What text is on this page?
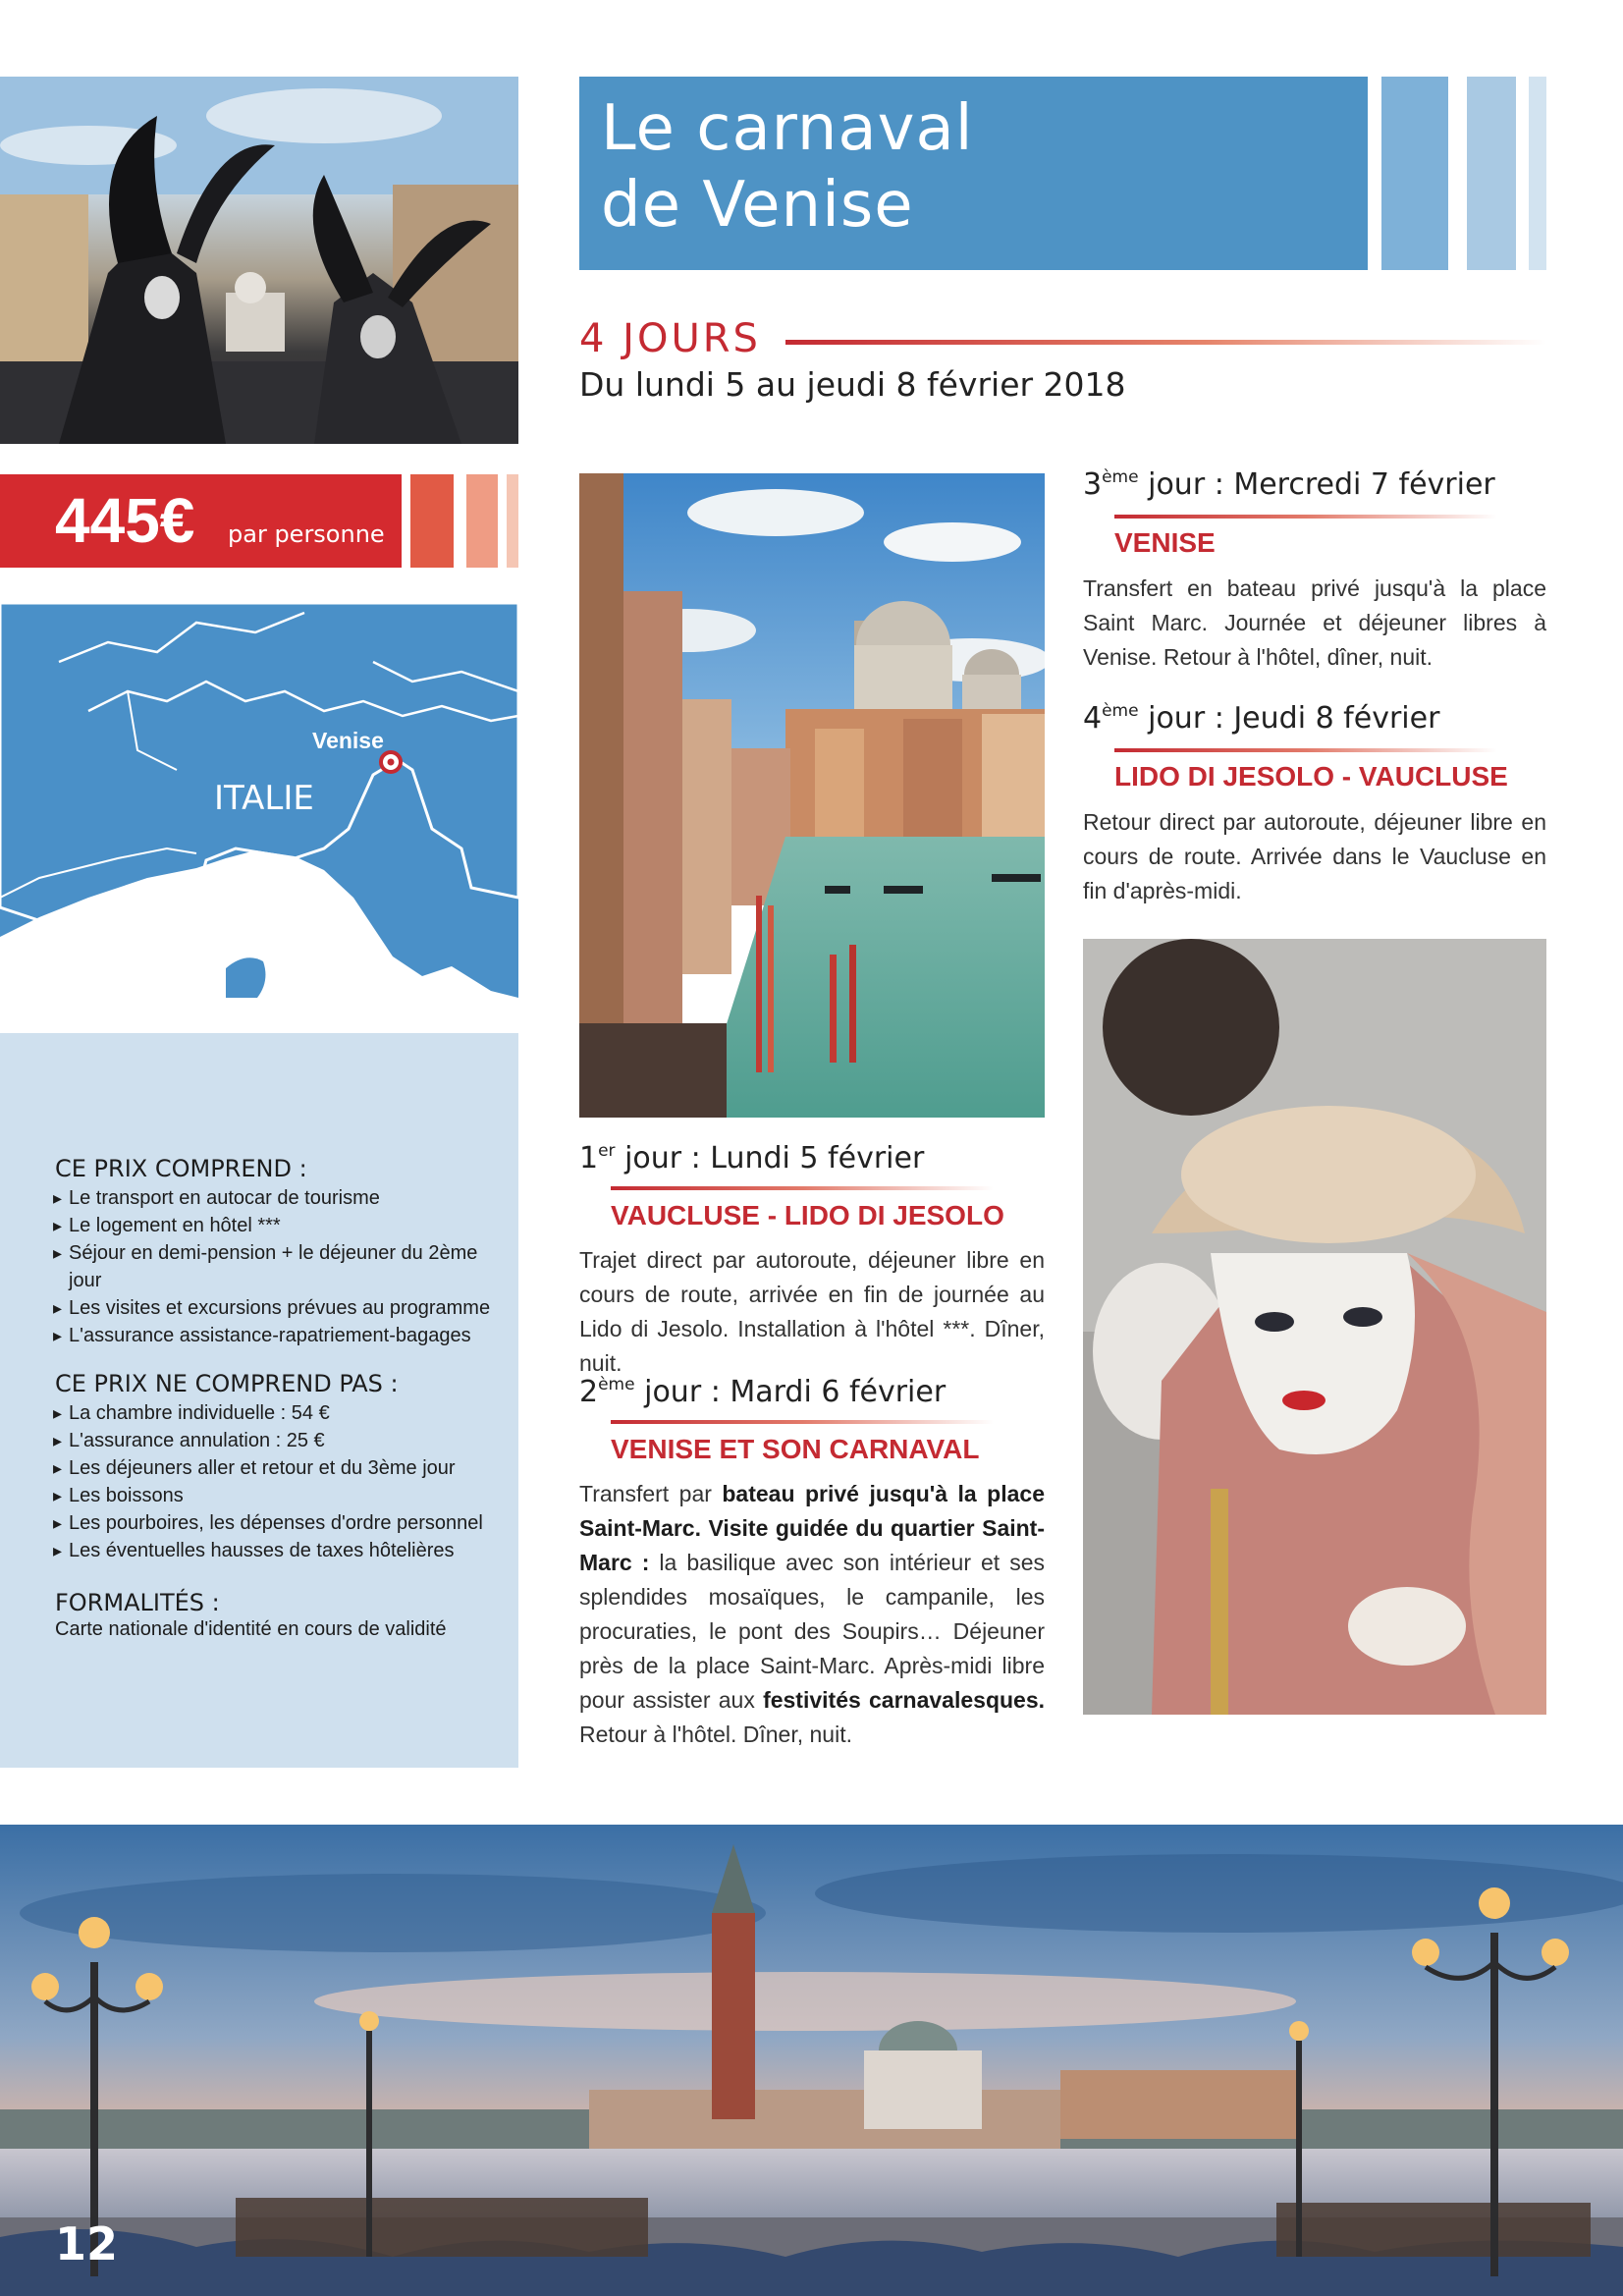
Le carnaval
de Venise
4 JOURS
Du lundi 5 au jeudi 8 février 2018
445€ par personne
Venise
ITALIE
CE PRIX COMPREND :
▸ Le transport en autocar de tourisme
▸ Le logement en hôtel ***
▸ Séjour en demi-pension + le déjeuner du 2ème jour
▸ Les visites et excursions prévues au programme
▸ L'assurance assistance-rapatriement-bagages
CE PRIX NE COMPREND PAS :
▸ La chambre individuelle : 54 €
▸ L'assurance annulation : 25 €
▸ Les déjeuners aller et retour et du 3ème jour
▸ Les boissons
▸ Les pourboires, les dépenses d'ordre personnel
▸ Les éventuelles hausses de taxes hôtelières
FORMALITÉS :
Carte nationale d'identité en cours de validité
1er jour : Lundi 5 février
VAUCLUSE - LIDO DI JESOLO
Trajet direct par autoroute, déjeuner libre en cours de route, arrivée en fin de journée au Lido di Jesolo. Installation à l'hôtel ***. Dîner, nuit.
2ème jour : Mardi 6 février
VENISE ET SON CARNAVAL
Transfert par bateau privé jusqu'à la place Saint-Marc. Visite guidée du quartier Saint-Marc : la basilique avec son intérieur et ses splendides mosaïques, le campanile, les procuraties, le pont des Soupirs… Déjeuner près de la place Saint-Marc. Après-midi libre pour assister aux festivités carnavalesques. Retour à l'hôtel. Dîner, nuit.
3ème jour : Mercredi 7 février
VENISE
Transfert en bateau privé jusqu'à la place Saint Marc. Journée et déjeuner libres à Venise. Retour à l'hôtel, dîner, nuit.
4ème jour : Jeudi 8 février
LIDO DI JESOLO - VAUCLUSE
Retour direct par autoroute, déjeuner libre en cours de route. Arrivée dans le Vaucluse en fin d'après-midi.
12
